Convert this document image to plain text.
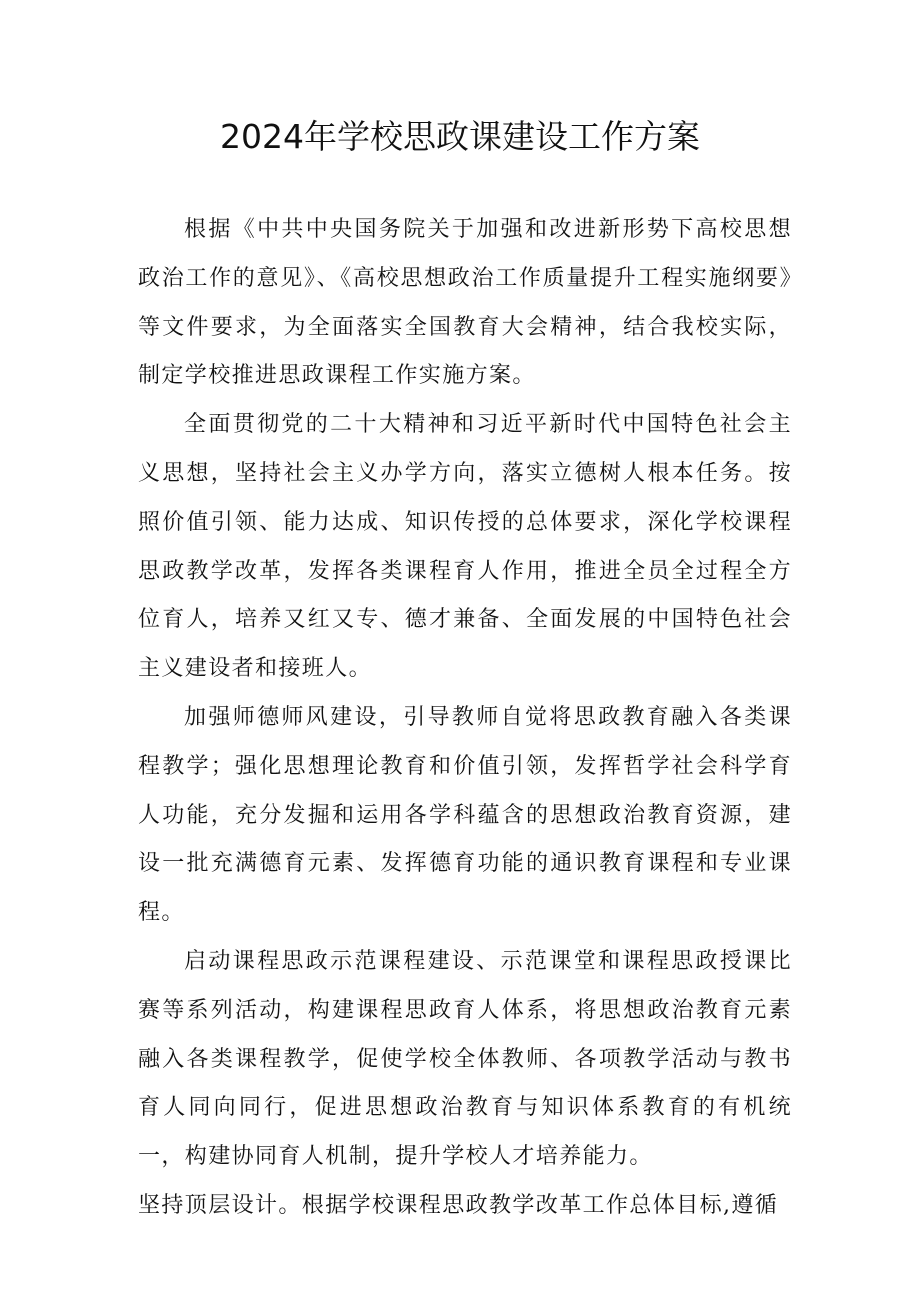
2024年学校思政课建设工作方案

根据《中共中央国务院关于加强和改进新形势下高校思想政治工作的意见》、《高校思想政治工作质量提升工程实施纲要》等文件要求，为全面落实全国教育大会精神，结合我校实际，制定学校推进思政课程工作实施方案。

全面贯彻党的二十大精神和习近平新时代中国特色社会主义思想，坚持社会主义办学方向，落实立德树人根本任务。按照价值引领、能力达成、知识传授的总体要求，深化学校课程思政教学改革，发挥各类课程育人作用，推进全员全过程全方位育人，培养又红又专、德才兼备、全面发展的中国特色社会主义建设者和接班人。

加强师德师风建设，引导教师自觉将思政教育融入各类课程教学；强化思想理论教育和价值引领，发挥哲学社会科学育人功能，充分发掘和运用各学科蕴含的思想政治教育资源，建设一批充满德育元素、发挥德育功能的通识教育课程和专业课程。

启动课程思政示范课程建设、示范课堂和课程思政授课比赛等系列活动，构建课程思政育人体系，将思想政治教育元素融入各类课程教学，促使学校全体教师、各项教学活动与教书育人同向同行，促进思想政治教育与知识体系教育的有机统一，构建协同育人机制，提升学校人才培养能力。

坚持顶层设计。根据学校课程思政教学改革工作总体目标,遵循
